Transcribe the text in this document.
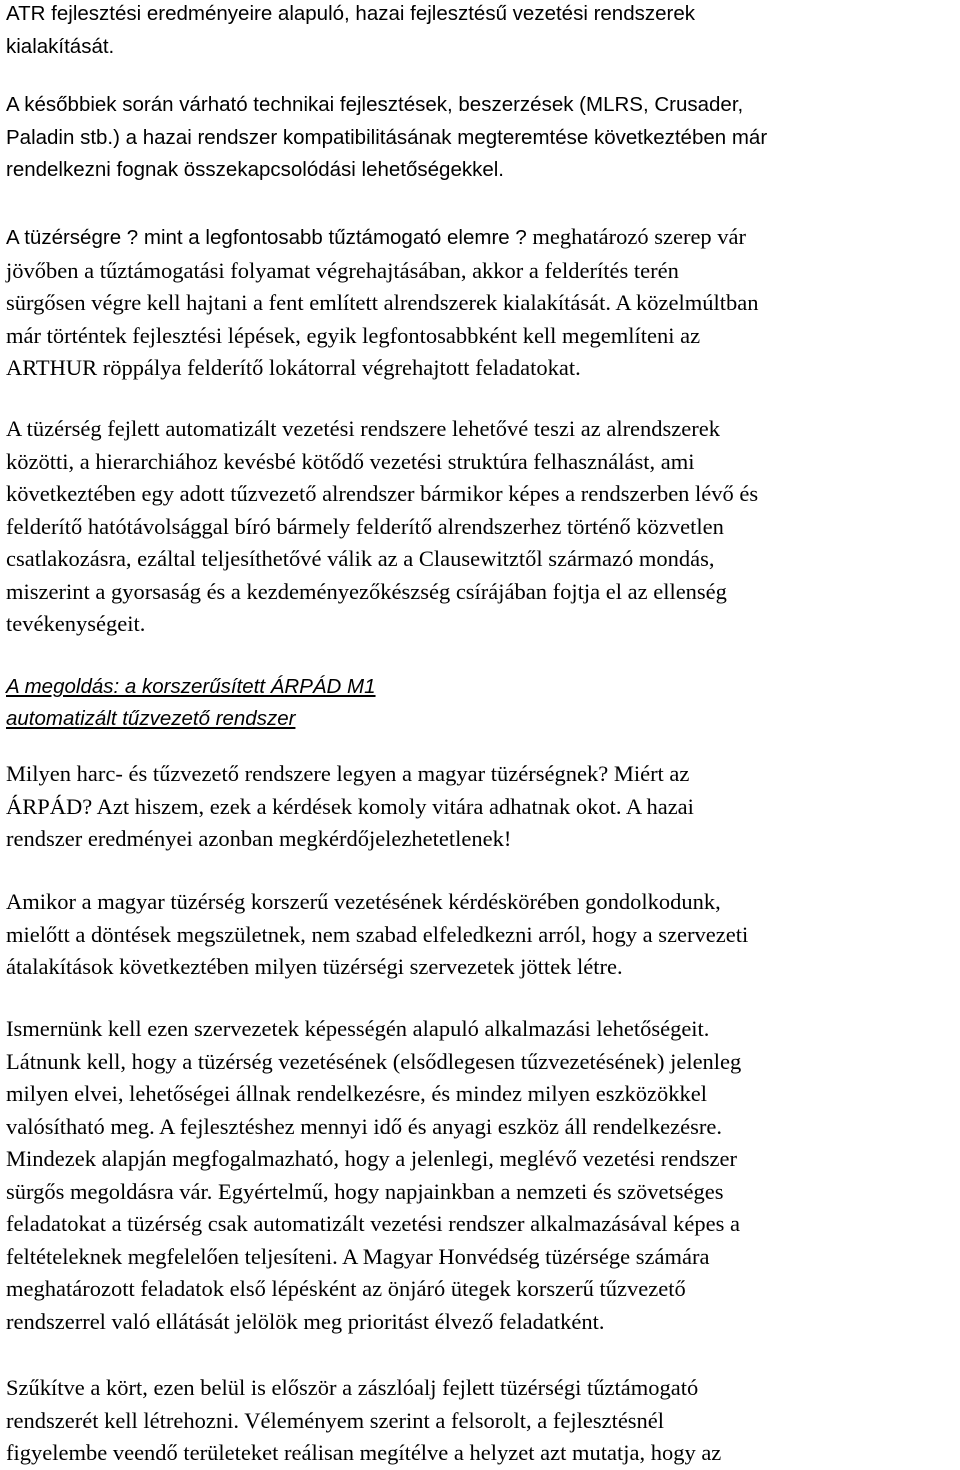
ATR fejlesztési eredményeire alapuló, hazai fejlesztésű vezetési rendszerek
kialakítását.

A későbbiek során várható technikai fejlesztések, beszerzések (MLRS, Crusader,
Paladin stb.) a hazai rendszer kompatibilitásának megteremtése következtében már
rendelkezni fognak összekapcsolódási lehetőségekkel.

A tüzérségre ? mint a legfontosabb tűztámogató elemre ? meghatározó szerep vár
jövőben a tűztámogatási folyamat végrehajtásában, akkor a felderítés terén
sürgősen végre kell hajtani a fent említett alrendszerek kialakítását. A közelmúltban
már történtek fejlesztési lépések, egyik legfontosabbként kell megemlíteni az
ARTHUR röppálya felderítő lokátorral végrehajtott feladatokat.

A tüzérség fejlett automatizált vezetési rendszere lehetővé teszi az alrendszerek
közötti, a hierarchiához kevésbé kötődő vezetési struktúra felhasználást, ami
következtében egy adott tűzvezető alrendszer bármikor képes a rendszerben lévő és
felderítő hatótávolsággal bíró bármely felderítő alrendszerhez történő közvetlen
csatlakozásra, ezáltal teljesíthetővé válik az a Clausewitztől származó mondás,
miszerint a gyorsaság és a kezdeményezőkészség csírájában fojtja el az ellenség
tevékenységeit.

A megoldás: a korszerűsített ÁRPÁD M1
automatizált tűzvezető rendszer

Milyen harc- és tűzvezető rendszere legyen a magyar tüzérségnek? Miért az
ÁRPÁD? Azt hiszem, ezek a kérdések komoly vitára adhatnak okot. A hazai
rendszer eredményei azonban megkérdőjelezhetetlenek!

Amikor a magyar tüzérség korszerű vezetésének kérdéskörében gondolkodunk,
mielőtt a döntések megszületnek, nem szabad elfeledkezni arról, hogy a szervezeti
átalakítások következtében milyen tüzérségi szervezetek jöttek létre.

Ismernünk kell ezen szervezetek képességén alapuló alkalmazási lehetőségeit.
Látnunk kell, hogy a tüzérség vezetésének (elsődlegesen tűzvezetésének) jelenleg
milyen elvei, lehetőségei állnak rendelkezésre, és mindez milyen eszközökkel
valósítható meg. A fejlesztéshez mennyi idő és anyagi eszköz áll rendelkezésre.
Mindezek alapján megfogalmazható, hogy a jelenlegi, meglévő vezetési rendszer
sürgős megoldásra vár. Egyértelmű, hogy napjainkban a nemzeti és szövetséges
feladatokat a tüzérség csak automatizált vezetési rendszer alkalmazásával képes a
feltételeknek megfelelően teljesíteni. A Magyar Honvédség tüzérsége számára
meghatározott feladatok első lépésként az önjáró ütegek korszerű tűzvezető
rendszerrel való ellátását jelölök meg prioritást élvező feladatként.

Szűkítve a kört, ezen belül is először a zászlóalj fejlett tüzérségi tűztámogató
rendszerét kell létrehozni. Véleményem szerint a felsorolt, a fejlesztésnél
figyelembe veendő területeket reálisan megítélve a helyzet azt mutatja, hogy az
